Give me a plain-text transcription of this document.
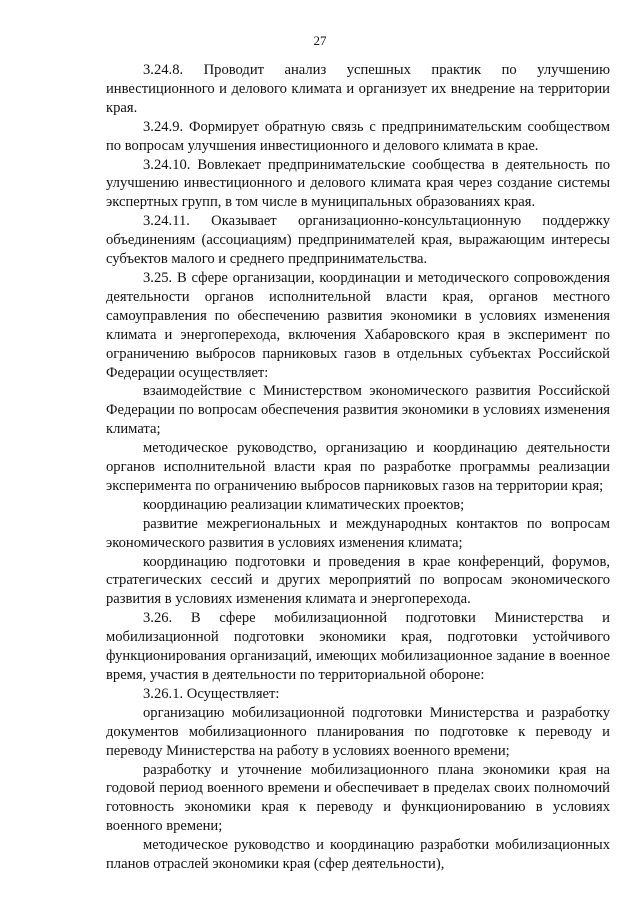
27

3.24.8. Проводит анализ успешных практик по улучшению инвестиционного и делового климата и организует их внедрение на территории края.

3.24.9. Формирует обратную связь с предпринимательским сообществом по вопросам улучшения инвестиционного и делового климата в крае.

3.24.10. Вовлекает предпринимательские сообщества в деятельность по улучшению инвестиционного и делового климата края через создание системы экспертных групп, в том числе в муниципальных образованиях края.

3.24.11. Оказывает организационно-консультационную поддержку объединениям (ассоциациям) предпринимателей края, выражающим интересы субъектов малого и среднего предпринимательства.

3.25. В сфере организации, координации и методического сопровождения деятельности органов исполнительной власти края, органов местного самоуправления по обеспечению развития экономики в условиях изменения климата и энергоперехода, включения Хабаровского края в эксперимент по ограничению выбросов парниковых газов в отдельных субъектах Российской Федерации осуществляет:

взаимодействие с Министерством экономического развития Российской Федерации по вопросам обеспечения развития экономики в условиях изменения климата;

методическое руководство, организацию и координацию деятельности органов исполнительной власти края по разработке программы реализации эксперимента по ограничению выбросов парниковых газов на территории края;

координацию реализации климатических проектов;

развитие межрегиональных и международных контактов по вопросам экономического развития в условиях изменения климата;

координацию подготовки и проведения в крае конференций, форумов, стратегических сессий и других мероприятий по вопросам экономического развития в условиях изменения климата и энергоперехода.

3.26. В сфере мобилизационной подготовки Министерства и мобилизационной подготовки экономики края, подготовки устойчивого функционирования организаций, имеющих мобилизационное задание в военное время, участия в деятельности по территориальной обороне:

3.26.1. Осуществляет:

организацию мобилизационной подготовки Министерства и разработку документов мобилизационного планирования по подготовке к переводу и переводу Министерства на работу в условиях военного времени;

разработку и уточнение мобилизационного плана экономики края на годовой период военного времени и обеспечивает в пределах своих полномочий готовность экономики края к переводу и функционированию в условиях военного времени;

методическое руководство и координацию разработки мобилизационных планов отраслей экономики края (сфер деятельности),
